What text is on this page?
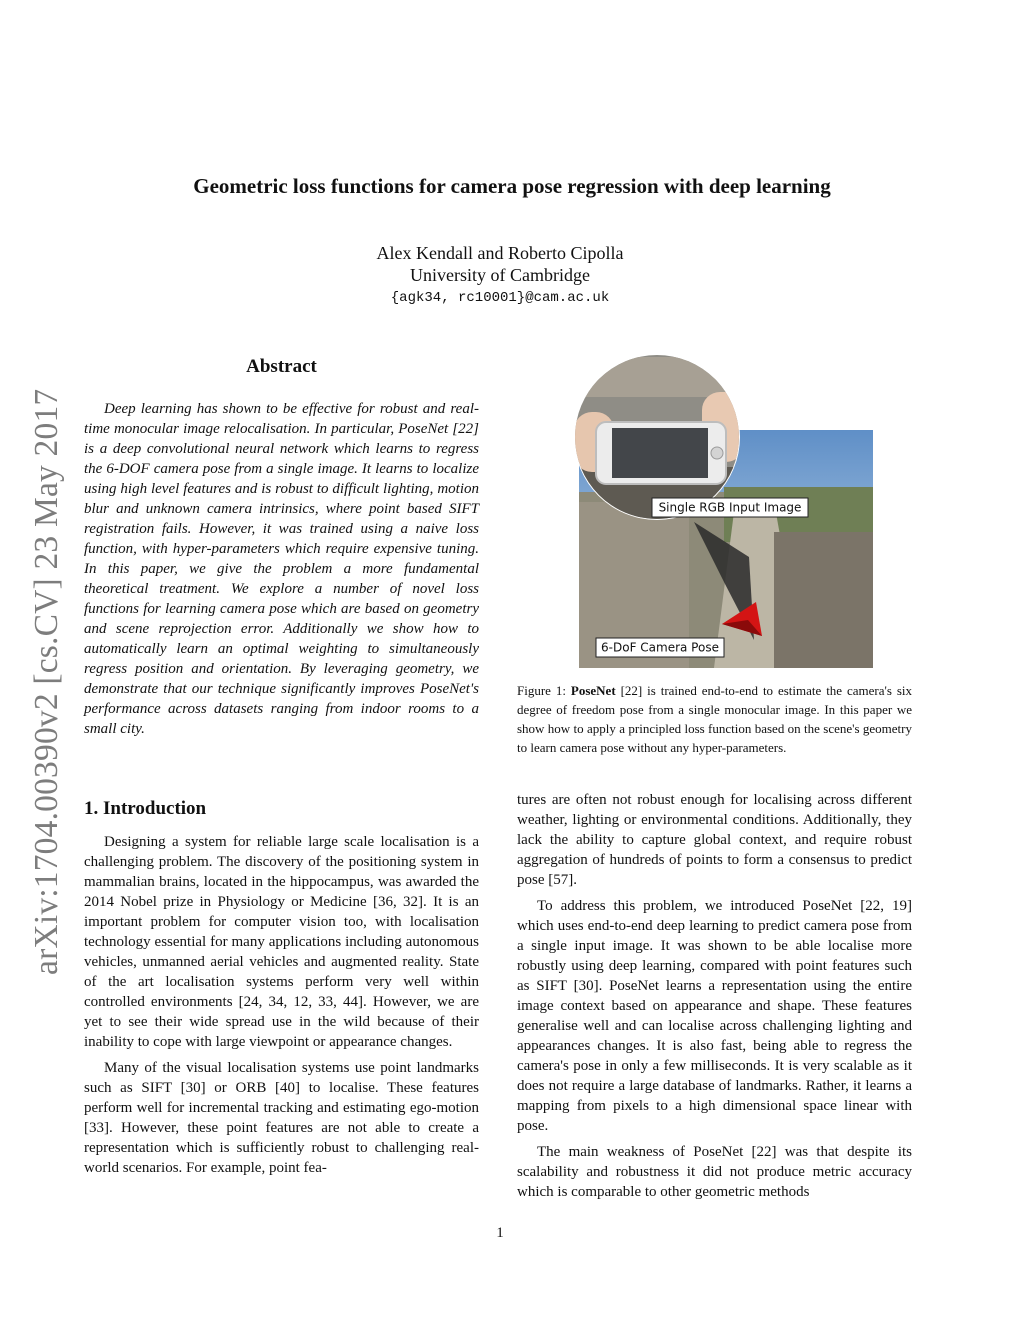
arXiv:1704.00390v2 [cs.CV] 23 May 2017
Geometric loss functions for camera pose regression with deep learning
Alex Kendall and Roberto Cipolla
University of Cambridge
{agk34, rc10001}@cam.ac.uk
Abstract
Deep learning has shown to be effective for robust and real-time monocular image relocalisation. In particular, PoseNet [22] is a deep convolutional neural network which learns to regress the 6-DOF camera pose from a single image. It learns to localize using high level features and is robust to difficult lighting, motion blur and unknown camera intrinsics, where point based SIFT registration fails. However, it was trained using a naive loss function, with hyper-parameters which require expensive tuning. In this paper, we give the problem a more fundamental theoretical treatment. We explore a number of novel loss functions for learning camera pose which are based on geometry and scene reprojection error. Additionally we show how to automatically learn an optimal weighting to simultaneously regress position and orientation. By leveraging geometry, we demonstrate that our technique significantly improves PoseNet's performance across datasets ranging from indoor rooms to a small city.
1. Introduction

Designing a system for reliable large scale localisation is a challenging problem. The discovery of the positioning system in mammalian brains, located in the hippocampus, was awarded the 2014 Nobel prize in Physiology or Medicine [36, 32]. It is an important problem for computer vision too, with localisation technology essential for many applications including autonomous vehicles, unmanned aerial vehicles and augmented reality. State of the art localisation systems perform very well within controlled environments [24, 34, 12, 33, 44]. However, we are yet to see their wide spread use in the wild because of their inability to cope with large viewpoint or appearance changes.

Many of the visual localisation systems use point landmarks such as SIFT [30] or ORB [40] to localise. These features perform well for incremental tracking and estimating ego-motion [33]. However, these point features are not able to create a representation which is sufficiently robust to challenging real-world scenarios. For example, point fea-

Single RGB Input Image
6-DoF Camera Pose
Figure 1: PoseNet [22] is trained end-to-end to estimate the camera's six degree of freedom pose from a single monocular image. In this paper we show how to apply a principled loss function based on the scene's geometry to learn camera pose without any hyper-parameters.

tures are often not robust enough for localising across different weather, lighting or environmental conditions. Additionally, they lack the ability to capture global context, and require robust aggregation of hundreds of points to form a consensus to predict pose [57].

To address this problem, we introduced PoseNet [22, 19] which uses end-to-end deep learning to predict camera pose from a single input image. It was shown to be able localise more robustly using deep learning, compared with point features such as SIFT [30]. PoseNet learns a representation using the entire image context based on appearance and shape. These features generalise well and can localise across challenging lighting and appearances changes. It is also fast, being able to regress the camera's pose in only a few milliseconds. It is very scalable as it does not require a large database of landmarks. Rather, it learns a mapping from pixels to a high dimensional space linear with pose.

The main weakness of PoseNet [22] was that despite its scalability and robustness it did not produce metric accuracy which is comparable to other geometric methods

1
